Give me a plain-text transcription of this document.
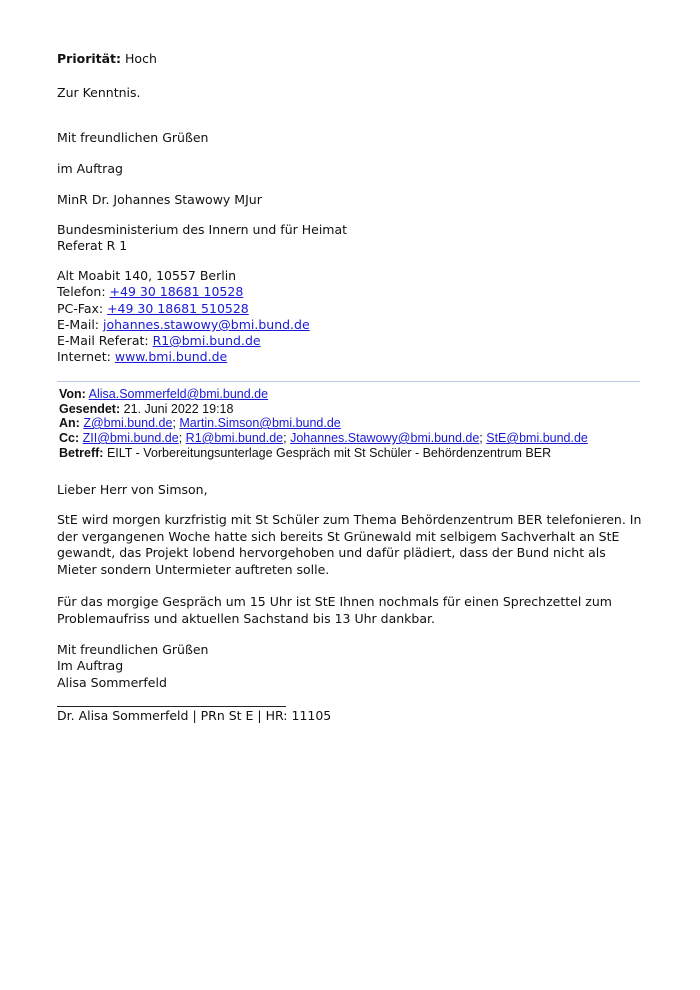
Priorität: Hoch
Zur Kenntnis.
Mit freundlichen Grüßen
im Auftrag
MinR Dr. Johannes Stawowy MJur
Bundesministerium des Innern und für Heimat
Referat R 1
Alt Moabit 140, 10557 Berlin
Telefon: +49 30 18681 10528
PC-Fax: +49 30 18681 510528
E-Mail: johannes.stawowy@bmi.bund.de
E-Mail Referat: R1@bmi.bund.de
Internet: www.bmi.bund.de
Von: Alisa.Sommerfeld@bmi.bund.de
Gesendet: 21. Juni 2022 19:18
An: Z@bmi.bund.de; Martin.Simson@bmi.bund.de
Cc: ZII@bmi.bund.de; R1@bmi.bund.de; Johannes.Stawowy@bmi.bund.de; StE@bmi.bund.de
Betreff: EILT - Vorbereitungsunterlage Gespräch mit St Schüler - Behördenzentrum BER
Lieber Herr von Simson,
StE wird morgen kurzfristig mit St Schüler zum Thema Behördenzentrum BER telefonieren. In der vergangenen Woche hatte sich bereits St Grünewald mit selbigem Sachverhalt an StE gewandt, das Projekt lobend hervorgehoben und dafür plädiert, dass der Bund nicht als Mieter sondern Untermieter auftreten solle.
Für das morgige Gespräch um 15 Uhr ist StE Ihnen nochmals für einen Sprechzettel zum Problemaufriss und aktuellen Sachstand bis 13 Uhr dankbar.
Mit freundlichen Grüßen
Im Auftrag
Alisa Sommerfeld
Dr. Alisa Sommerfeld | PRn St E | HR: 11105
